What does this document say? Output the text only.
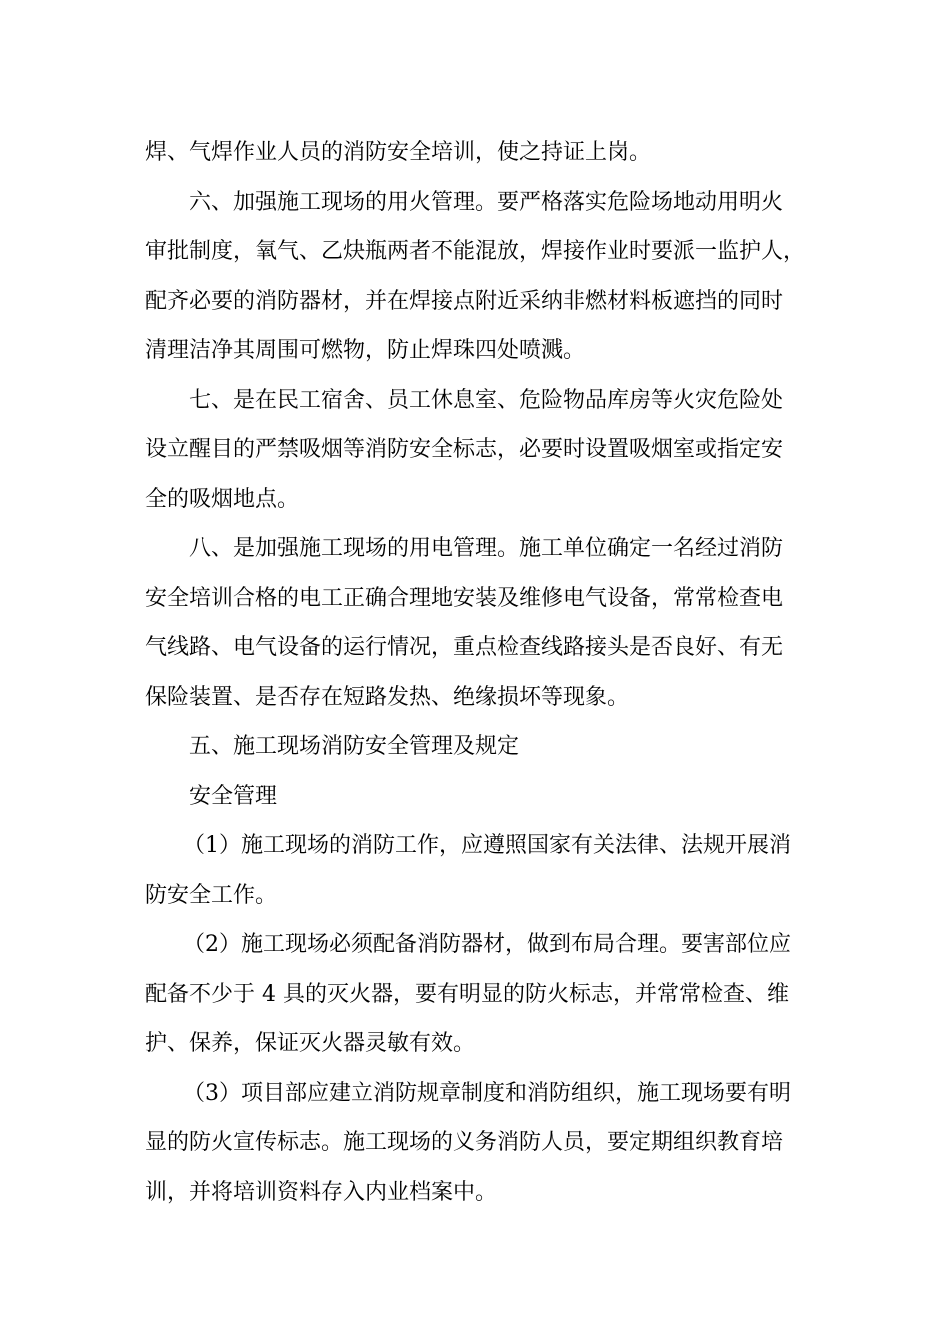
焊、气焊作业人员的消防安全培训，使之持证上岗。
六、加强施工现场的用火管理。要严格落实危险场地动用明火
审批制度，氧气、乙炔瓶两者不能混放，焊接作业时要派一监护人，
配齐必要的消防器材，并在焊接点附近采纳非燃材料板遮挡的同时
清理洁净其周围可燃物，防止焊珠四处喷溅。
七、是在民工宿舍、员工休息室、危险物品库房等火灾危险处
设立醒目的严禁吸烟等消防安全标志，必要时设置吸烟室或指定安
全的吸烟地点。
八、是加强施工现场的用电管理。施工单位确定一名经过消防
安全培训合格的电工正确合理地安装及维修电气设备，常常检查电
气线路、电气设备的运行情况，重点检查线路接头是否良好、有无
保险装置、是否存在短路发热、绝缘损坏等现象。
五、施工现场消防安全管理及规定
安全管理
（1）施工现场的消防工作，应遵照国家有关法律、法规开展消
防安全工作。
（2）施工现场必须配备消防器材，做到布局合理。要害部位应
配备不少于 4 具的灭火器，要有明显的防火标志，并常常检查、维
护、保养，保证灭火器灵敏有效。
（3）项目部应建立消防规章制度和消防组织，施工现场要有明
显的防火宣传标志。施工现场的义务消防人员，要定期组织教育培
训，并将培训资料存入内业档案中。
